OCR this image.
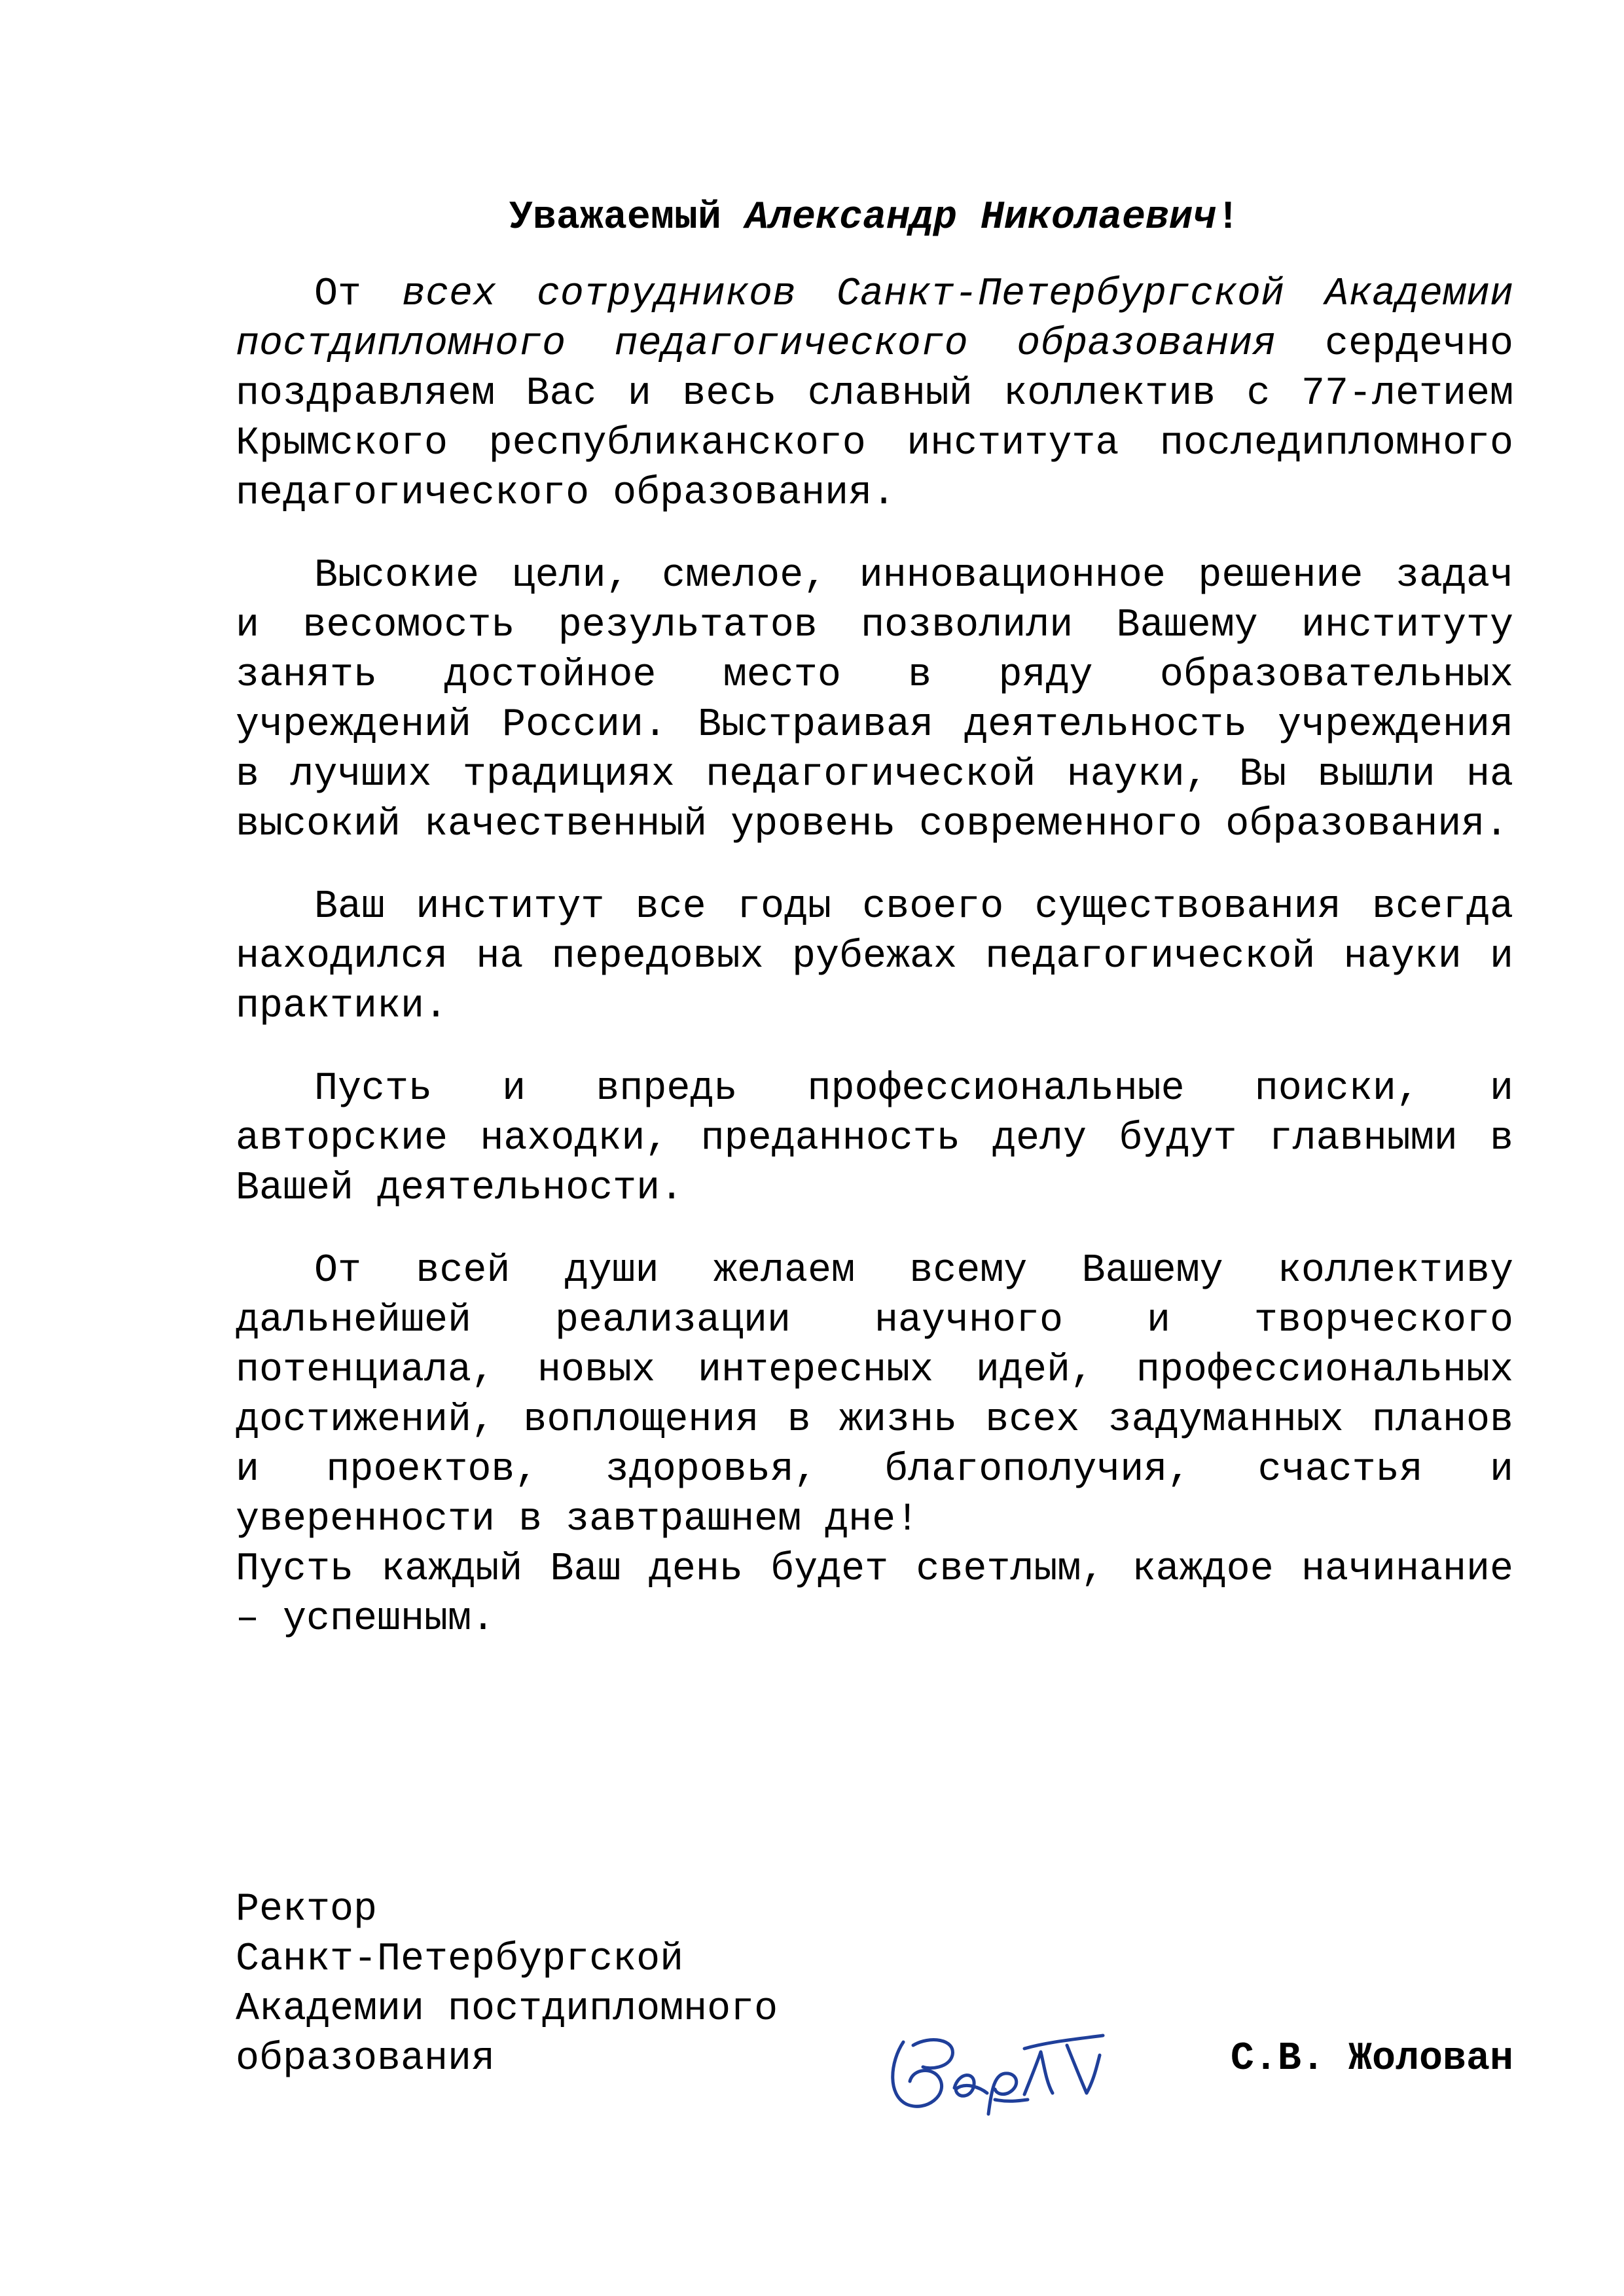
Уважаемый Александр Николаевич!

От всех сотрудников Санкт-Петербургской Академии постдипломного педагогического образования сердечно поздравляем Вас и весь славный коллектив с 77-летием Крымского республиканского института последипломного педагогического образования.

Высокие цели, смелое, инновационное решение задач и весомость результатов позволили Вашему институту занять достойное место в ряду образовательных учреждений России. Выстраивая деятельность учреждения в лучших традициях педагогической науки, Вы вышли на высокий качественный уровень современного образования.

Ваш институт все годы своего существования всегда находился на передовых рубежах педагогической науки и практики.

Пусть и впредь профессиональные поиски, и авторские находки, преданность делу будут главными в Вашей деятельности.

От всей души желаем всему Вашему коллективу дальнейшей реализации научного и творческого потенциала, новых интересных идей, профессиональных достижений, воплощения в жизнь всех задуманных планов и проектов, здоровья, благополучия, счастья и уверенности в завтрашнем дне!

Пусть каждый Ваш день будет светлым, каждое начинание – успешным.

Ректор
Санкт-Петербургской
Академии постдипломного
образования	С.В. Жолован
